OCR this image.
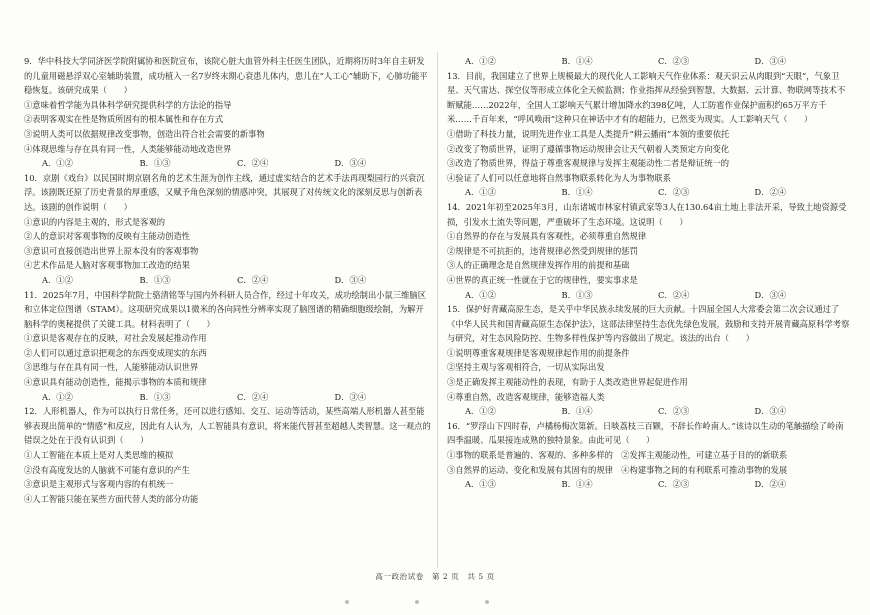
9．华中科技大学同济医学院附属协和医院宣布，该院心脏大血管外科主任医生团队，近期将历时3年自主研发的儿童用磁悬浮双心室辅助装置，成功植入一名7岁终末期心衰患儿体内，患儿在“人工心”辅助下，心肺功能平稳恢复。该研究成果（　　）

①意味着哲学能为具体科学研究提供科学的方法论的指导

②表明客观实在性是物质所固有的根本属性和存在方式

③说明人类可以依据规律改变事物，创造出符合社会需要的新事物

④体现思维与存在具有同一性，人类能够能动地改造世界

A．①②	B．①③	C．②④	D．③④

10．京剧《戏台》以民国时期京剧名角的艺术生涯为创作主线，通过虚实结合的艺术手法再现梨园行的兴衰沉浮。该剧既还原了历史背景的厚重感，又赋予角色深刻的情感冲突，其展现了对传统文化的深刻反思与创新表达。该剧的创作说明（　　）

①意识的内容是主观的，形式是客观的

②人的意识对客观事物的反映有主能动创造性

③意识可直接创造出世界上原本没有的客观事物

④艺术作品是人脑对客观事物加工改造的结果

A．①②	B．①③	C．②④	D．③④

11．2025年7月，中国科学院院士骆清铭等与国内外科研人员合作，经过十年攻关，成功绘制出小鼠三维脑区和立体定位图谱（STAM）。这项研究成果以1微米的各向同性分辨率实现了脑图谱的精确细胞级绘制，为解开脑科学的奥秘提供了关键工具。材料表明了（　　）

①意识是客观存在的反映，对社会发展起推动作用

②人们可以通过意识把观念的东西变成现实的东西

③思维与存在具有同一性，人能够能动认识世界

④意识具有能动创造性，能揭示事物的本质和规律

A．①②	B．①③	C．②④	D．③④

12．人形机器人，作为可以执行日常任务，还可以进行感知、交互、运动等活动，某些高端人形机器人甚至能够表现出简单的“情感”和反应，因此有人认为，人工智能具有意识，将来能代替甚至超越人类智慧。这一观点的错误之处在于没有认识到（　　）

①人工智能在本质上是对人类思维的模拟

②没有高度发达的人脑就不可能有意识的产生

③意识是主观形式与客观内容的有机统一

④人工智能只能在某些方面代替人类的部分功能

A．①②	B．①④	C．②③	D．③④

13．目前，我国建立了世界上规模最大的现代化人工影响天气作业体系：观天识云从肉眼到“天眼”，气象卫星、天气雷达、探空仪等形成立体化全天候监测；作业指挥从经验到智慧，大数据、云计算、物联网等技术不断赋能……2022年，全国人工影响天气累计增加降水约398亿吨，人工防雹作业保护面积约65万平方千米……千百年来，“呼风唤雨”这种只在神话中才有的超能力，已然变为现实。人工影响天气（　　）

①借助了科技力量，说明先进作业工具是人类提升“耕云播雨”本领的重要依托

②改变了物质世界，证明了遵循事物运动规律会让天气朝着人类预定方向变化

③改造了物质世界，得益于尊重客观规律与发挥主观能动性二者是辩证统一的

④验证了人们可以任意地将自然事物联系转化为人为事物联系

A．①③	B．①④	C．②③	D．②④

14．2021年初至2025年3月，山东诸城市林家村镇武家等3人在130.64亩土地上非法开采，导致土地资源受损，引发水土流失等问题，严重破坏了生态环境。这说明（　　）

①自然界的存在与发展具有客观性，必须尊重自然规律

②规律是不可抗拒的，违背规律必然受到规律的惩罚

③人的正确理念是自然规律发挥作用的前提和基础

④世界的真正统一性就在于它的规律性，要实事求是

A．①②	B．①③	C．②④	D．③④

15．保护好青藏高原生态，是关乎中华民族永续发展的巨大贡献。十四届全国人大常委会第二次会议通过了《中华人民共和国青藏高原生态保护法》，这部法律坚持生态优先绿色发展，鼓励和支持开展青藏高原科学考察与研究，对生态风险防控、生物多样性保护等内容做出了规定。该法的出台（　　）

①说明尊重客观规律是客观规律起作用的前提条件

②坚持主观与客观相符合，一切从实际出发

③是正确发挥主观能动性的表现，有助于人类改造世界起促进作用

④尊重自然，改造客观规律，能够造福人类

A．①②	B．①④	C．②③	D．③④

16．“罗浮山下四时春，卢橘杨梅次第新。日啖荔枝三百颗，不辞长作岭南人。”该诗以生动的笔触描绘了岭南四季温暖、瓜果接连成熟的独特景象。由此可见（　　）

①事物的联系是普遍的、客观的、多种多样的　②发挥主观能动性，可建立基于目的的新联系

③自然界的运动、变化和发展有其固有的规律　④构建事物之间的有利联系可推动事物的发展

A．①③	B．①④	C．②③	D．②④
高一政治试卷　第 2 页　共 5 页
